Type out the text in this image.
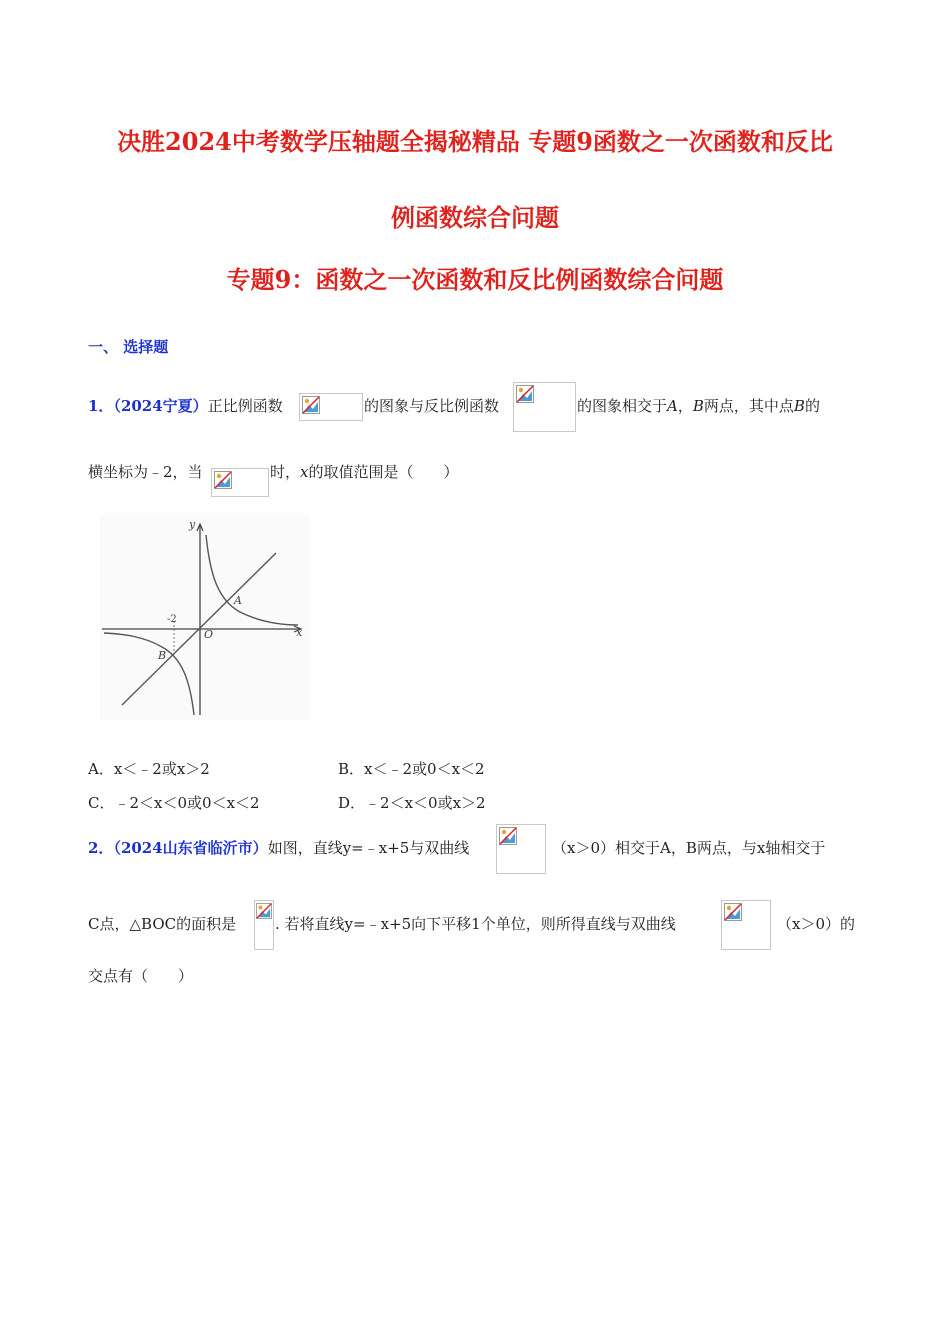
决胜2024中考数学压轴题全揭秘精品 专题9函数之一次函数和反比
例函数综合问题
专题9：函数之一次函数和反比例函数综合问题
一、 选择题
1．（2024宁夏）正比例函数	的图象与反比例函数	的图象相交于A，B两点，其中点B的
横坐标为﹣2，当	时，x的取值范围是（　　）
y
x
O
-2
A
B
A．x＜﹣2或x＞2	B．x＜﹣2或0＜x＜2
C．﹣2＜x＜0或0＜x＜2	D．﹣2＜x＜0或x＞2
2．（2024山东省临沂市）如图，直线y=﹣x+5与双曲线	（x＞0）相交于A，B两点，与x轴相交于
C点，△BOC的面积是	. 若将直线y=﹣x+5向下平移1个单位，则所得直线与双曲线	（x＞0）的
交点有（　　）
